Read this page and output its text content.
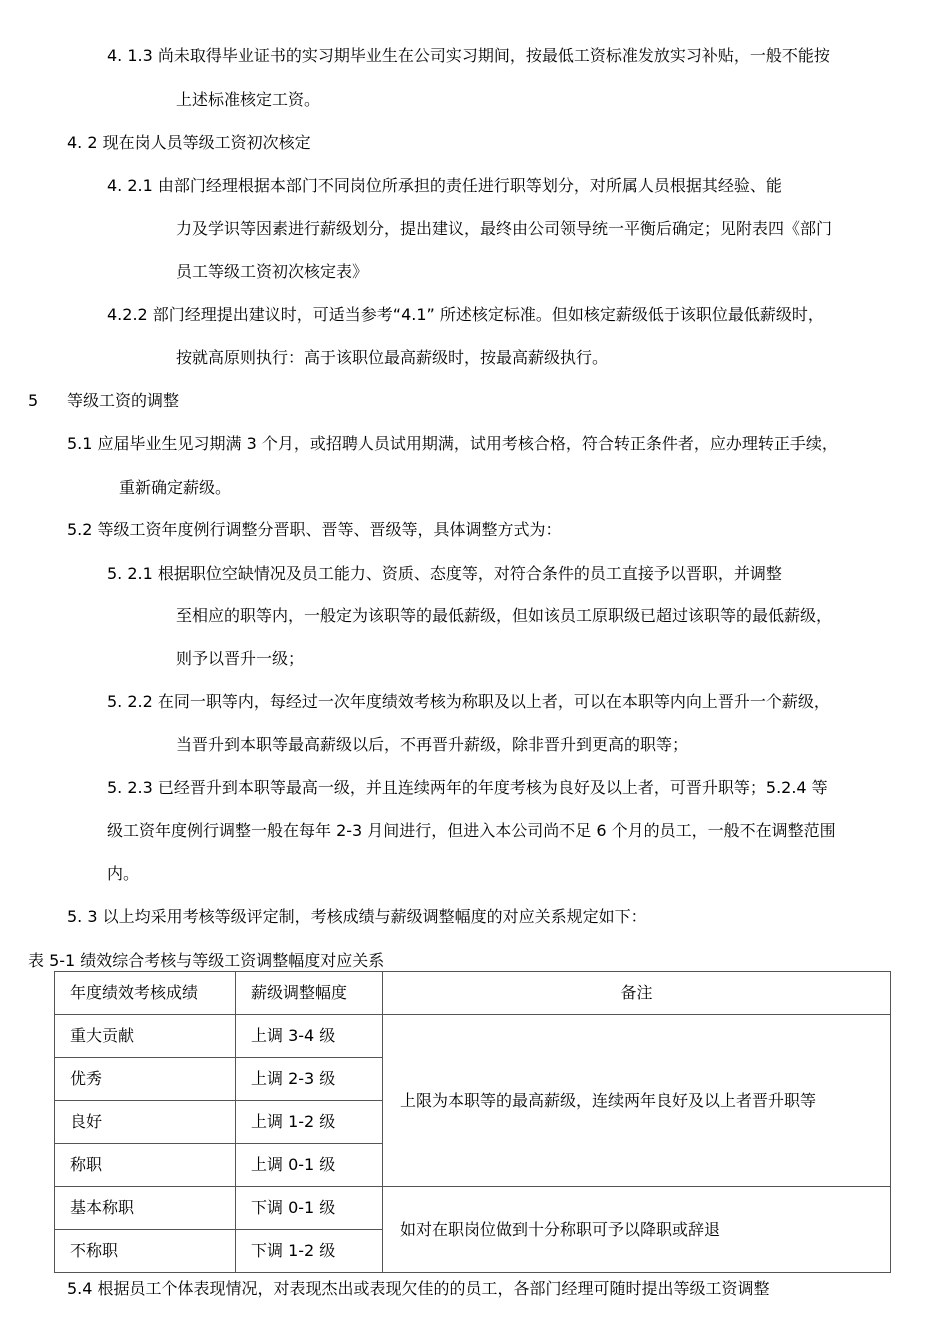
4. 1.3 尚未取得毕业证书的实习期毕业生在公司实习期间，按最低工资标准发放实习补贴，一般不能按
上述标准核定工资。
4. 2 现在岗人员等级工资初次核定
4. 2.1 由部门经理根据本部门不同岗位所承担的责任进行职等划分，对所属人员根据其经验、能
力及学识等因素进行薪级划分，提出建议，最终由公司领导统一平衡后确定；见附表四《部门
员工等级工资初次核定表》
4.2.2 部门经理提出建议时，可适当参考“4.1” 所述核定标准。但如核定薪级低于该职位最低薪级时，
按就高原则执行：高于该职位最高薪级时，按最高薪级执行。
5 等级工资的调整
5.1 应届毕业生见习期满 3 个月，或招聘人员试用期满，试用考核合格，符合转正条件者，应办理转正手续，
重新确定薪级。
5.2 等级工资年度例行调整分晋职、晋等、晋级等，具体调整方式为：
5. 2.1 根据职位空缺情况及员工能力、资质、态度等，对符合条件的员工直接予以晋职，并调整
至相应的职等内，一般定为该职等的最低薪级，但如该员工原职级已超过该职等的最低薪级，
则予以晋升一级；
5. 2.2 在同一职等内，每经过一次年度绩效考核为称职及以上者，可以在本职等内向上晋升一个薪级，
当晋升到本职等最高薪级以后，不再晋升薪级，除非晋升到更高的职等；
5. 2.3 已经晋升到本职等最高一级，并且连续两年的年度考核为良好及以上者，可晋升职等；5.2.4 等
级工资年度例行调整一般在每年 2-3 月间进行，但进入本公司尚不足 6 个月的员工，一般不在调整范围
内。
5. 3 以上均采用考核等级评定制，考核成绩与薪级调整幅度的对应关系规定如下：
表 5-1 绩效综合考核与等级工资调整幅度对应关系
年度绩效考核成绩	薪级调整幅度	备注
重大贡献	上调 3-4 级	上限为本职等的最高薪级，连续两年良好及以上者晋升职等
优秀	上调 2-3 级	
良好	上调 1-2 级	
称职	上调 0-1 级	
基本称职	下调 0-1 级	如对在职岗位做到十分称职可予以降职或辞退
不称职	下调 1-2 级	
5.4 根据员工个体表现情况，对表现杰出或表现欠佳的的员工，各部门经理可随时提出等级工资调整
